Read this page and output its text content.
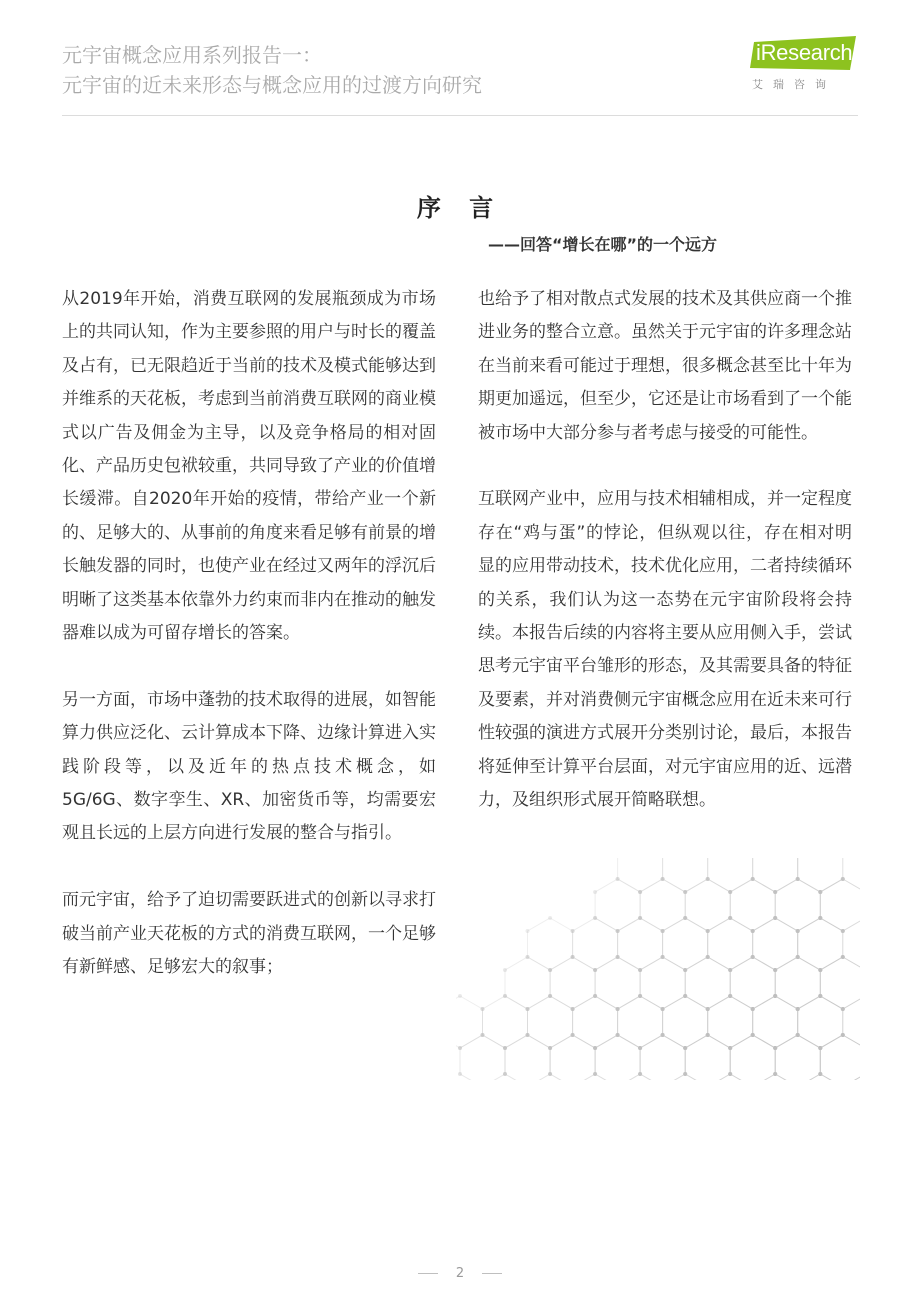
元宇宙概念应用系列报告一：
元宇宙的近未来形态与概念应用的过渡方向研究
iResearch
艾瑞咨询
序 言
——回答“增长在哪”的一个远方

从2019年开始，消费互联网的发展瓶颈成为市场上的共同认知，作为主要参照的用户与时长的覆盖及占有，已无限趋近于当前的技术及模式能够达到并维系的天花板，考虑到当前消费互联网的商业模式以广告及佣金为主导，以及竞争格局的相对固化、产品历史包袱较重，共同导致了产业的价值增长缓滞。自2020年开始的疫情，带给产业一个新的、足够大的、从事前的角度来看足够有前景的增长触发器的同时，也使产业在经过又两年的浮沉后明晰了这类基本依靠外力约束而非内在推动的触发器难以成为可留存增长的答案。

另一方面，市场中蓬勃的技术取得的进展，如智能算力供应泛化、云计算成本下降、边缘计算进入实践阶段等，以及近年的热点技术概念，如5G/6G、数字孪生、XR、加密货币等，均需要宏观且长远的上层方向进行发展的整合与指引。

而元宇宙，给予了迫切需要跃进式的创新以寻求打破当前产业天花板的方式的消费互联网，一个足够有新鲜感、足够宏大的叙事；

也给予了相对散点式发展的技术及其供应商一个推进业务的整合立意。虽然关于元宇宙的许多理念站在当前来看可能过于理想，很多概念甚至比十年为期更加遥远，但至少，它还是让市场看到了一个能被市场中大部分参与者考虑与接受的可能性。

互联网产业中，应用与技术相辅相成，并一定程度存在“鸡与蛋”的悖论，但纵观以往，存在相对明显的应用带动技术，技术优化应用，二者持续循环的关系，我们认为这一态势在元宇宙阶段将会持续。本报告后续的内容将主要从应用侧入手，尝试思考元宇宙平台雏形的形态，及其需要具备的特征及要素，并对消费侧元宇宙概念应用在近未来可行性较强的演进方式展开分类别讨论，最后，本报告将延伸至计算平台层面，对元宇宙应用的近、远潜力，及组织形式展开简略联想。

2
